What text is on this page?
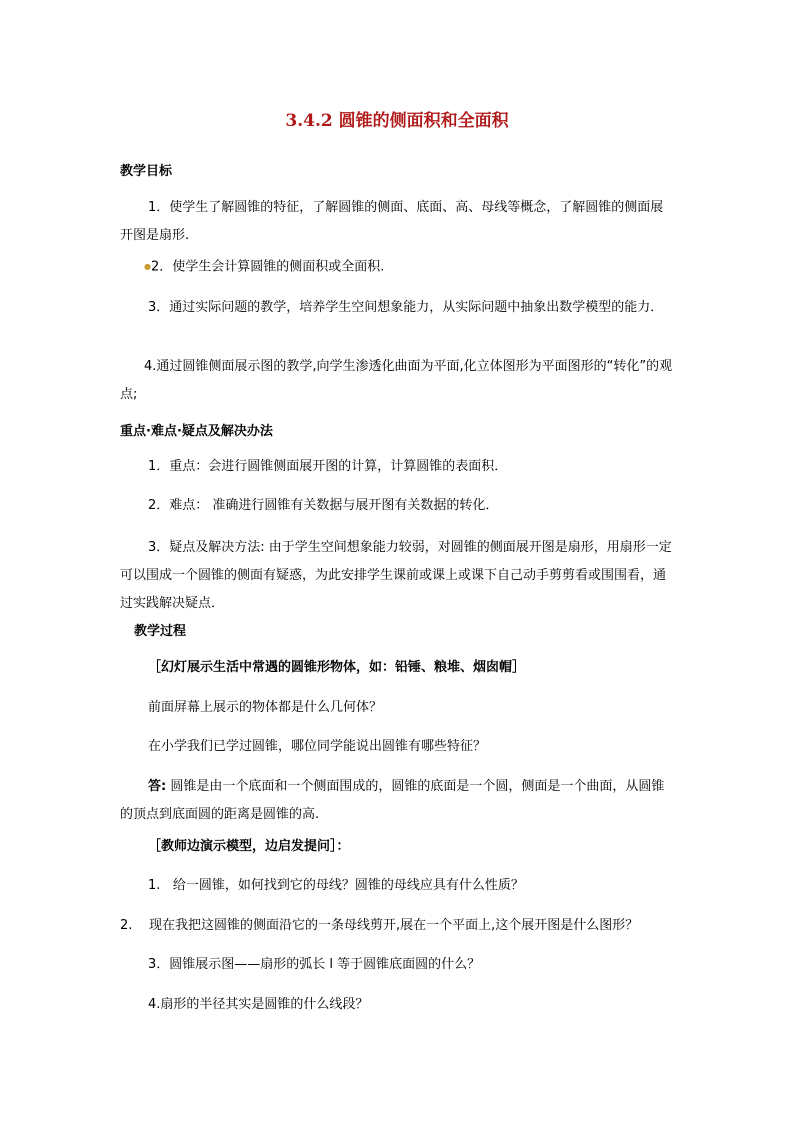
3.4.2 圆锥的侧面积和全面积
教学目标
1．使学生了解圆锥的特征，了解圆锥的侧面、底面、高、母线等概念，了解圆锥的侧面展开图是扇形.
●2．使学生会计算圆锥的侧面积或全面积.
3．通过实际问题的教学，培养学生空间想象能力，从实际问题中抽象出数学模型的能力．
4.通过圆锥侧面展示图的教学,向学生渗透化曲面为平面,化立体图形为平面图形的“转化”的观点;
重点·难点·疑点及解决办法
1．重点：会进行圆锥侧面展开图的计算，计算圆锥的表面积．
2．难点： 准确进行圆锥有关数据与展开图有关数据的转化．
3．疑点及解决方法: 由于学生空间想象能力较弱，对圆锥的侧面展开图是扇形，用扇形一定可以围成一个圆锥的侧面有疑惑，为此安排学生课前或课上或课下自己动手剪剪看或围围看，通过实践解决疑点．
教学过程
［幻灯展示生活中常遇的圆锥形物体，如：铅锤、粮堆、烟囱帽］
前面屏幕上展示的物体都是什么几何体？
在小学我们已学过圆锥，哪位同学能说出圆锥有哪些特征？
答: 圆锥是由一个底面和一个侧面围成的，圆锥的底面是一个圆，侧面是一个曲面，从圆锥的顶点到底面圆的距离是圆锥的高.
［教师边演示模型，边启发提问］：
1. 给一圆锥，如何找到它的母线？圆锥的母线应具有什么性质？
2. 现在我把这圆锥的侧面沿它的一条母线剪开,展在一个平面上,这个展开图是什么图形？
3．圆锥展示图——扇形的弧长 l 等于圆锥底面圆的什么？
4.扇形的半径其实是圆锥的什么线段？
